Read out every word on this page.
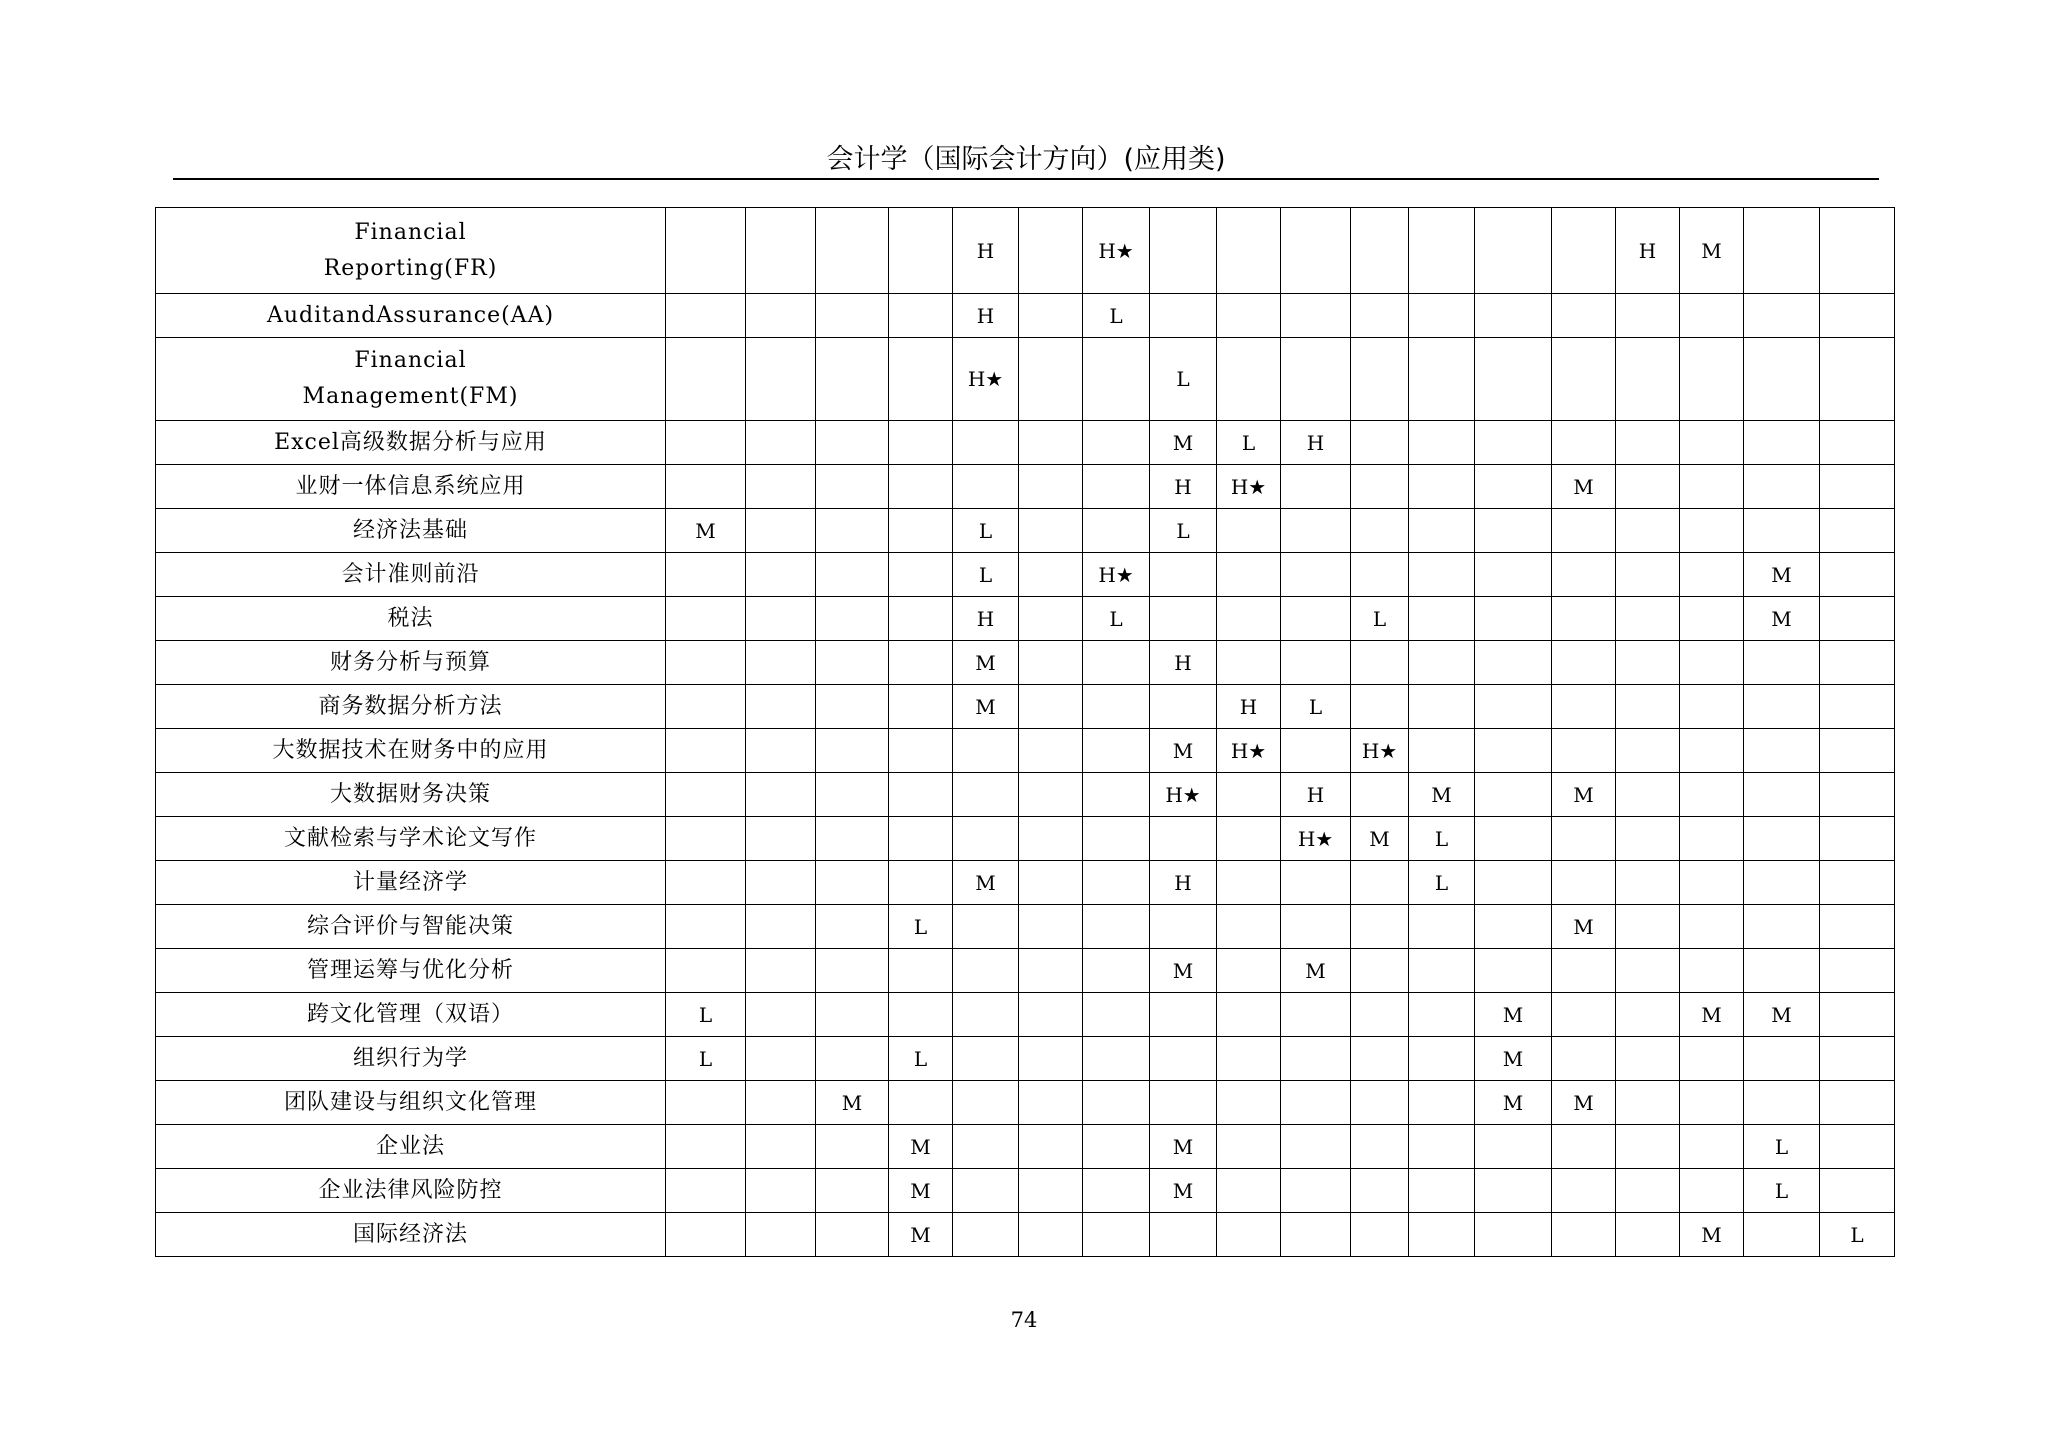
会计学（国际会计方向）(应用类)
Financial
Reporting(FR)					H		H★								H	M		

AuditandAssurance(AA)					H		L											

Financial
Management(FM)					H★			L										

Excel高级数据分析与应用								M	L	H								

业财一体信息系统应用								H	H★					M				

经济法基础	M				L			L										

会计准则前沿					L		H★										M	

税法					H		L				L						M	

财务分析与预算					M			H										

商务数据分析方法					M				H	L								

大数据技术在财务中的应用								M	H★		H★							

大数据财务决策								H★		H		M		M				

文献检索与学术论文写作										H★	M	L						

计量经济学					M			H				L						

综合评价与智能决策				L										M				

管理运筹与优化分析								M		M								

跨文化管理（双语）	L												M			M	M	

组织行为学	L			L									M					

团队建设与组织文化管理			M										M	M				

企业法				M				M									L	

企业法律风险防控				M				M									L	

国际经济法				M												M		L
74
